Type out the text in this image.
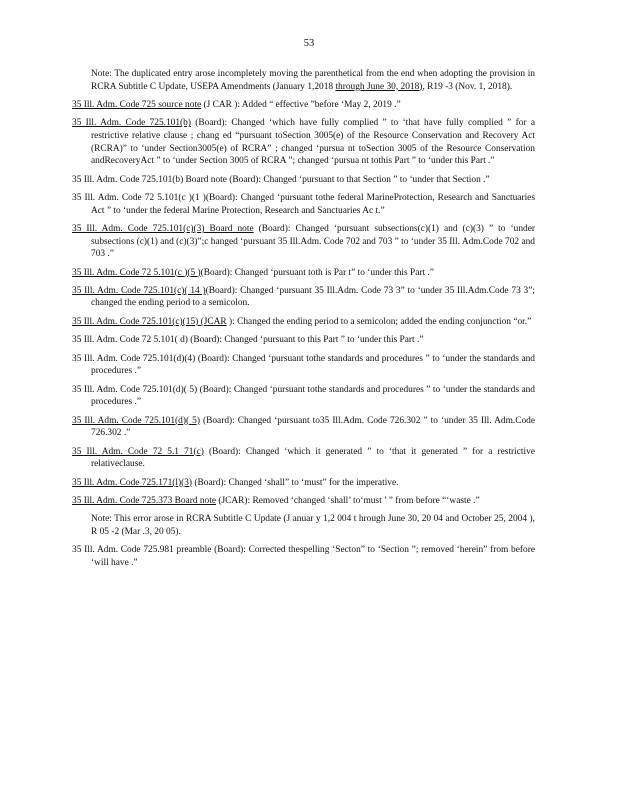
53

Note: The duplicated entry arose incompletely moving the parenthetical from the end when adopting the provision in RCRA Subtitle C Update, USEPA Amendments (January 1,2018 through June 30, 2018), R19 -3 (Nov. 1, 2018).

35 Ill. Adm. Code 725 source note (J CAR ): Added “ effective ”before ‘May 2, 2019 .”

35 Ill. Adm. Code 725.101(b) (Board): Changed ‘which have fully complied ” to ‘that have fully complied ” for a restrictive relative clause ; chang ed “pursuant toSection 3005(e) of the Resource Conservation and Recovery Act (RCRA)” to ‘under Section3005(e) of RCRA” ; changed ‘pursua nt toSection 3005 of the Resource Conservation andRecoveryAct ” to ‘under Section 3005 of RCRA ”; changed ‘pursua nt tothis Part ” to ‘under this Part .”

35 Ill. Adm. Code 725.101(b) Board note (Board): Changed ‘pursuant to that Section ” to ‘under that Section .”

35 Ill. Adm. Code 72 5.101(c )(1 )(Board): Changed ‘pursuant tothe federal MarineProtection, Research and Sanctuaries Act ” to ‘under the federal Marine Protection, Research and Sanctuaries Ac t.”

35 Ill. Adm. Code 725.101(c)(3) Board note (Board): Changed ‘pursuant subsections(c)(1) and (c)(3) ” to ‘under subsections (c)(1) and (c)(3)”;c hanged ‘pursuant 35 Ill.Adm. Code 702 and 703 ” to ‘under 35 Ill. Adm.Code 702 and 703 .”

35 Ill. Adm. Code 72 5.101(c )(5 )(Board): Changed ‘pursuant toth is Par t” to ‘under this Part .”

35 Ill. Adm. Code 725.101(c)( 14 )(Board): Changed ‘pursuant 35 Ill.Adm. Code 73 3” to ‘under 35 Ill.Adm.Code 73 3”; changed the ending period to a semicolon.

35 Ill. Adm. Code 725.101(c)(15) (JCAR ): Changed the ending period to a semicolon; added the ending conjunction “or.”

35 Ill. Adm. Code 72 5.101( d) (Board): Changed ‘pursuant to this Part ” to ‘under this Part .”

35 Ill. Adm. Code 725.101(d)(4) (Board): Changed ‘pursuant tothe standards and procedures ” to ‘under the standards and procedures .”

35 Ill. Adm. Code 725.101(d)( 5) (Board): Changed ‘pursuant tothe standards and procedures ” to ‘under the standards and procedures .”

35 Ill. Adm. Code 725.101(d)( 5) (Board): Changed ‘pursuant to35 Ill.Adm. Code 726.302 ” to ‘under 35 Ill. Adm.Code 726.302 .”

35 Ill. Adm. Code 72 5.1 71(c) (Board): Changed ‘which it generated ” to ‘that it generated ” for a restrictive relativeclause.

35 Ill. Adm. Code 725.171(l)(3) (Board): Changed ‘shall” to ‘must” for the imperative.

35 Ill. Adm. Code 725.373 Board note (JCAR): Removed ‘changed ‘shall’ to‘must ’ ” from before “‘waste .”

Note: This error arose in RCRA Subtitle C Update (J anuar y 1,2 004 t hrough June 30, 20 04 and October 25, 2004 ), R 05 -2 (Mar .3, 20 05).

35 Ill. Adm. Code 725.981 preamble (Board): Corrected thespelling ‘Secton” to ‘Section ”; removed ‘herein” from before ‘will have .”
